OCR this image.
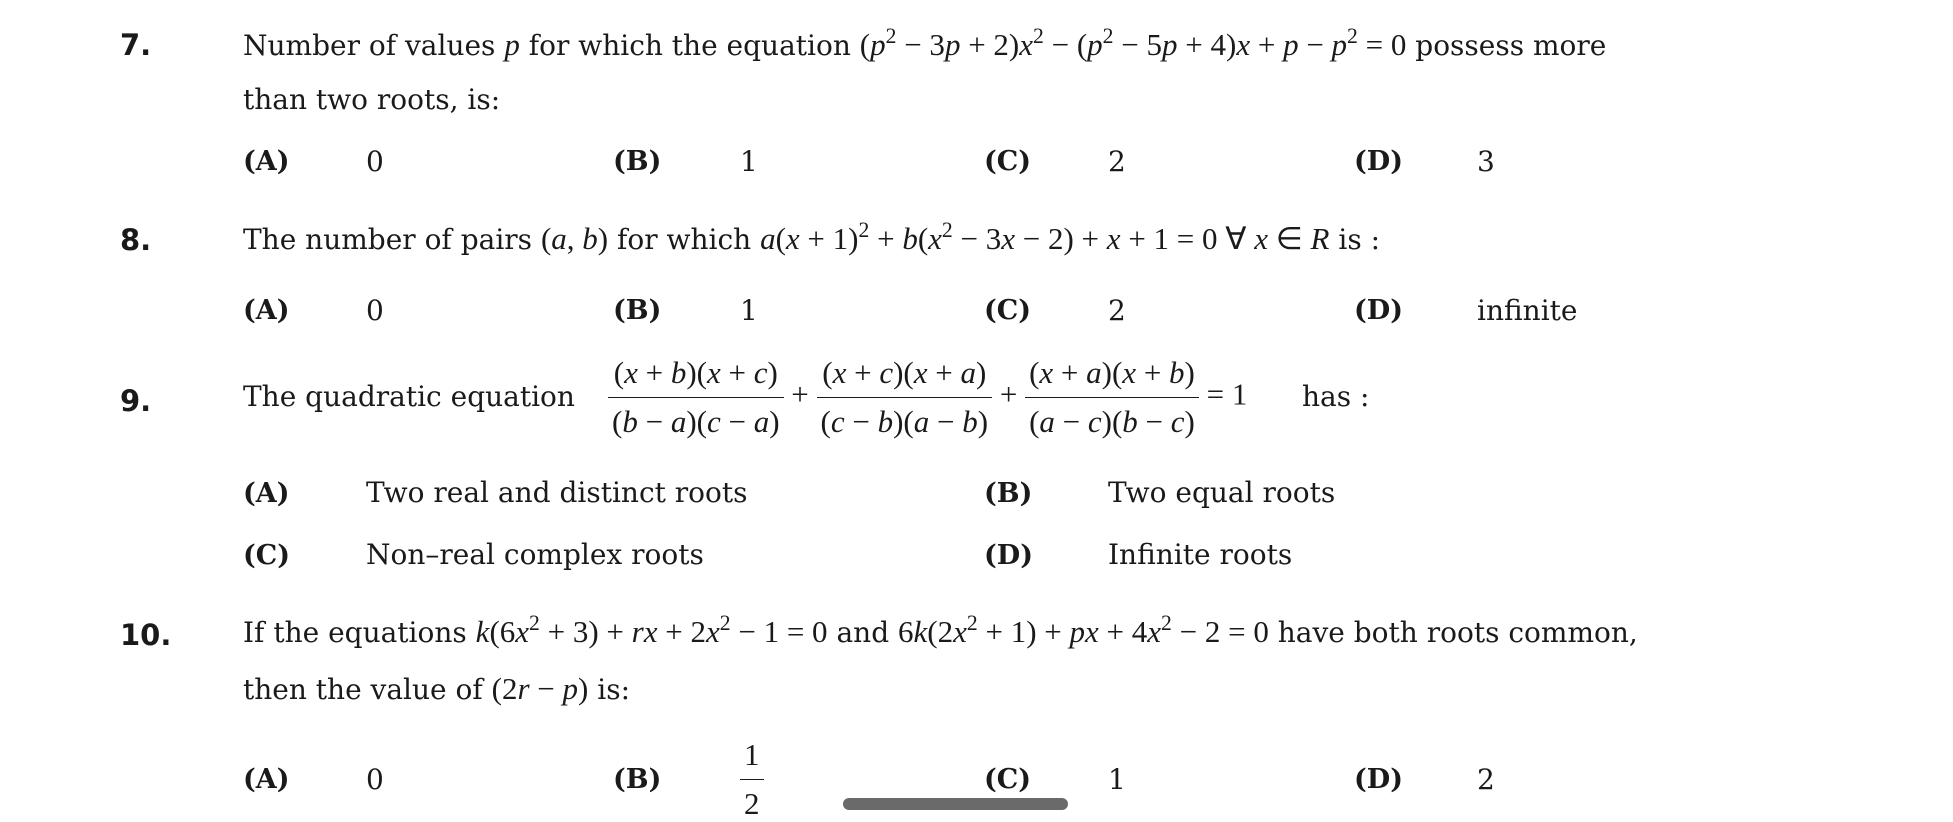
7.	Number of values p for which the equation $(p^2 - 3p + 2)x^2 - (p^2 - 5p + 4)x + p - p^2 = 0$ possess more
than two roots, is:
(A)	0	(B)	1	(C)	2	(D)	3
8.	The number of pairs (a, b) for which $a(x + 1)^2 + b(x^2 - 3x - 2) + x + 1 = 0$ ∀ x ∈ R is :
(A)	0	(B)	1	(C)	2	(D)	infinite
9.	The quadratic equation $\frac{(x + b)(x + c)}{(b - a)(c - a)} + \frac{(x + c)(x + a)}{(c - b)(a - b)} + \frac{(x + a)(x + b)}{(a - c)(b - c)} = 1$ has :
(A)	Two real and distinct roots	(B)	Two equal roots
(C)	Non–real complex roots	(D)	Infinite roots
10.	If the equations $k(6x^2 + 3)$ + rx + $2x^2 - 1 = 0$ and $6k(2x^2 + 1)$ + px + $4x^2 - 2 = 0$ have both roots common,
then the value of (2r − p) is:
(A)	0	(B)	$\frac{1}{2}$	(C)	1	(D)	2
